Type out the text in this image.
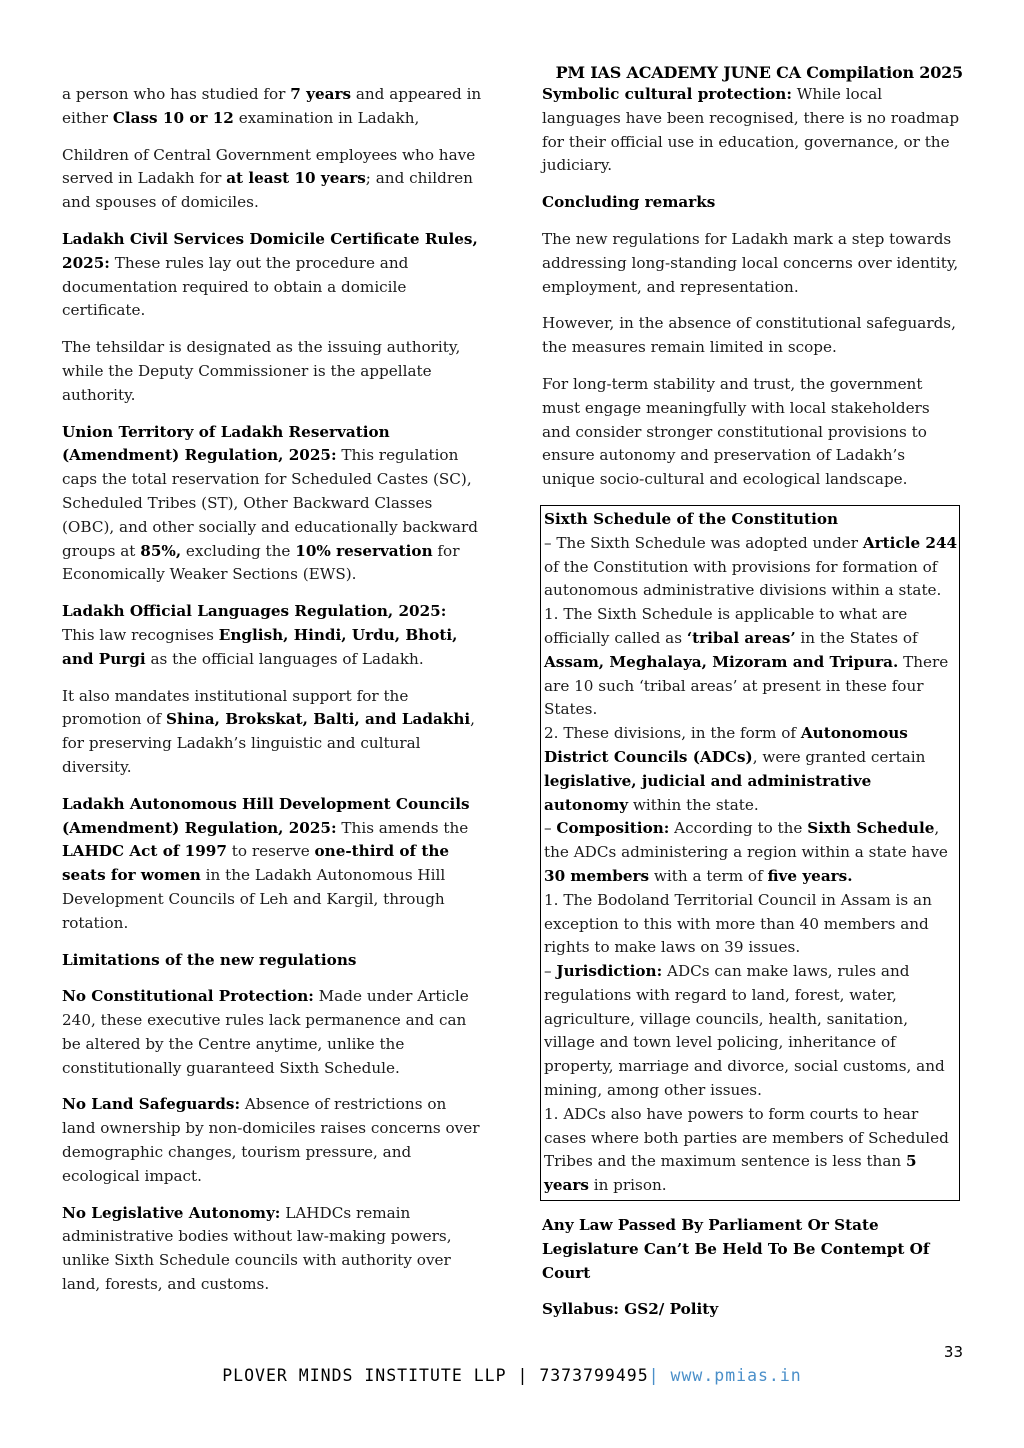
PM IAS ACADEMY JUNE CA Compilation 2025

a person who has studied for 7 years and appeared in either Class 10 or 12 examination in Ladakh,

Children of Central Government employees who have served in Ladakh for at least 10 years; and children and spouses of domiciles.

Ladakh Civil Services Domicile Certificate Rules, 2025: These rules lay out the procedure and documentation required to obtain a domicile certificate.

The tehsildar is designated as the issuing authority, while the Deputy Commissioner is the appellate authority.

Union Territory of Ladakh Reservation (Amendment) Regulation, 2025: This regulation caps the total reservation for Scheduled Castes (SC), Scheduled Tribes (ST), Other Backward Classes (OBC), and other socially and educationally backward groups at 85%, excluding the 10% reservation for Economically Weaker Sections (EWS).

Ladakh Official Languages Regulation, 2025: This law recognises English, Hindi, Urdu, Bhoti, and Purgi as the official languages of Ladakh.

It also mandates institutional support for the promotion of Shina, Brokskat, Balti, and Ladakhi, for preserving Ladakh’s linguistic and cultural diversity.

Ladakh Autonomous Hill Development Councils (Amendment) Regulation, 2025: This amends the LAHDC Act of 1997 to reserve one-third of the seats for women in the Ladakh Autonomous Hill Development Councils of Leh and Kargil, through rotation.

Limitations of the new regulations

No Constitutional Protection: Made under Article 240, these executive rules lack permanence and can be altered by the Centre anytime, unlike the constitutionally guaranteed Sixth Schedule.

No Land Safeguards: Absence of restrictions on land ownership by non-domiciles raises concerns over demographic changes, tourism pressure, and ecological impact.

No Legislative Autonomy: LAHDCs remain administrative bodies without law-making powers, unlike Sixth Schedule councils with authority over land, forests, and customs.

Symbolic cultural protection: While local languages have been recognised, there is no roadmap for their official use in education, governance, or the judiciary.

Concluding remarks

The new regulations for Ladakh mark a step towards addressing long-standing local concerns over identity, employment, and representation.

However, in the absence of constitutional safeguards, the measures remain limited in scope.

For long-term stability and trust, the government must engage meaningfully with local stakeholders and consider stronger constitutional provisions to ensure autonomy and preservation of Ladakh’s unique socio-cultural and ecological landscape.

Sixth Schedule of the Constitution
– The Sixth Schedule was adopted under Article 244 of the Constitution with provisions for formation of autonomous administrative divisions within a state.
1. The Sixth Schedule is applicable to what are officially called as ‘tribal areas’ in the States of Assam, Meghalaya, Mizoram and Tripura. There are 10 such ‘tribal areas’ at present in these four States.
2. These divisions, in the form of Autonomous District Councils (ADCs), were granted certain legislative, judicial and administrative autonomy within the state.
– Composition: According to the Sixth Schedule, the ADCs administering a region within a state have 30 members with a term of five years.
1. The Bodoland Territorial Council in Assam is an exception to this with more than 40 members and rights to make laws on 39 issues.
– Jurisdiction: ADCs can make laws, rules and regulations with regard to land, forest, water, agriculture, village councils, health, sanitation, village and town level policing, inheritance of property, marriage and divorce, social customs, and mining, among other issues.
1. ADCs also have powers to form courts to hear cases where both parties are members of Scheduled Tribes and the maximum sentence is less than 5 years in prison.

Any Law Passed By Parliament Or State Legislature Can’t Be Held To Be Contempt Of Court

Syllabus: GS2/ Polity

33
PLOVER MINDS INSTITUTE LLP | 7373799495| www.pmias.in
